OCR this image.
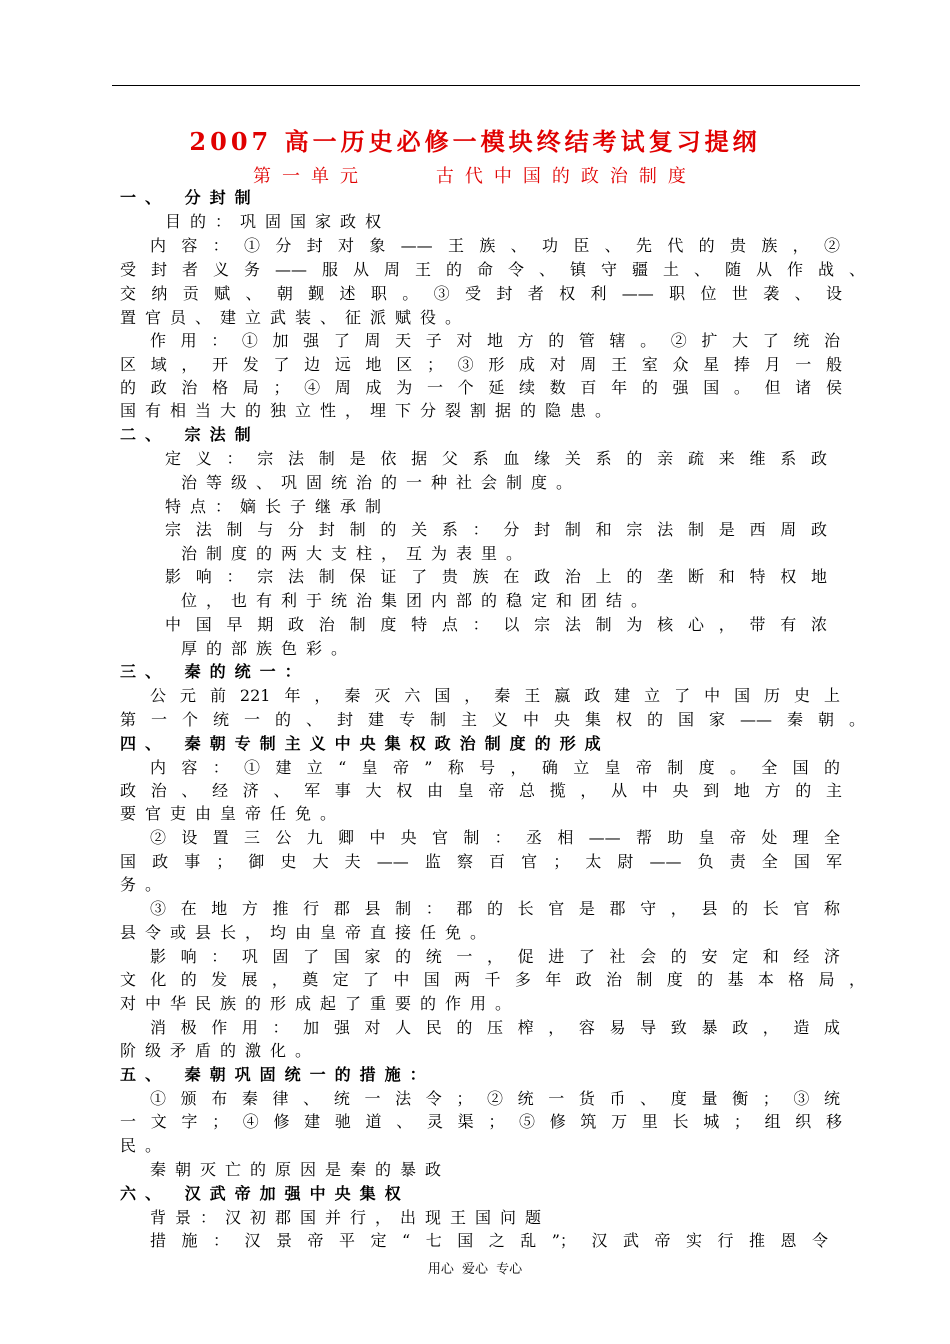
2007 高一历史必修一模块终结考试复习提纲
第一单元    古代中国的政治制度
一、 分封制
目的：巩固国家政权
内容：①分封对象——王族、功臣、先代的贵族，②
受封者义务——服从周王的命令、镇守疆土、随从作战、
交纳贡赋、朝觐述职。③受封者权利——职位世袭、设
置官员、建立武装、征派赋役。
作用：①加强了周天子对地方的管辖。②扩大了统治
区域，开发了边远地区；③形成对周王室众星捧月一般
的政治格局；④周成为一个延续数百年的强国。但诸侯
国有相当大的独立性，埋下分裂割据的隐患。
二、 宗法制
定义：宗法制是依据父系血缘关系的亲疏来维系政
治等级、巩固统治的一种社会制度。
特点：嫡长子继承制
宗法制与分封制的关系：分封制和宗法制是西周政
治制度的两大支柱，互为表里。
影响：宗法制保证了贵族在政治上的垄断和特权地
位，也有利于统治集团内部的稳定和团结。
中国早期政治制度特点：以宗法制为核心，带有浓
厚的部族色彩。
三、 秦的统一：
公元前221年，秦灭六国，秦王嬴政建立了中国历史上
第一个统一的、封建专制主义中央集权的国家——秦朝。
四、 秦朝专制主义中央集权政治制度的形成
内容：①建立“皇帝”称号，确立皇帝制度。全国的
政治、经济、军事大权由皇帝总揽，从中央到地方的主
要官吏由皇帝任免。
②设置三公九卿中央官制：丞相——帮助皇帝处理全
国政事；御史大夫——监察百官；太尉——负责全国军
务。
③在地方推行郡县制：郡的长官是郡守，县的长官称
县令或县长，均由皇帝直接任免。
影响：巩固了国家的统一，促进了社会的安定和经济
文化的发展，奠定了中国两千多年政治制度的基本格局，
对中华民族的形成起了重要的作用。
消极作用：加强对人民的压榨，容易导致暴政，造成
阶级矛盾的激化。
五、 秦朝巩固统一的措施：
①颁布秦律、统一法令；②统一货币、度量衡；③统
一文字；④修建驰道、灵渠；⑤修筑万里长城；组织移
民。
秦朝灭亡的原因是秦的暴政
六、 汉武帝加强中央集权
背景：汉初郡国并行，出现王国问题
措施：汉景帝平定“七国之乱”；汉武帝实行推恩令
用心 爱心 专心
